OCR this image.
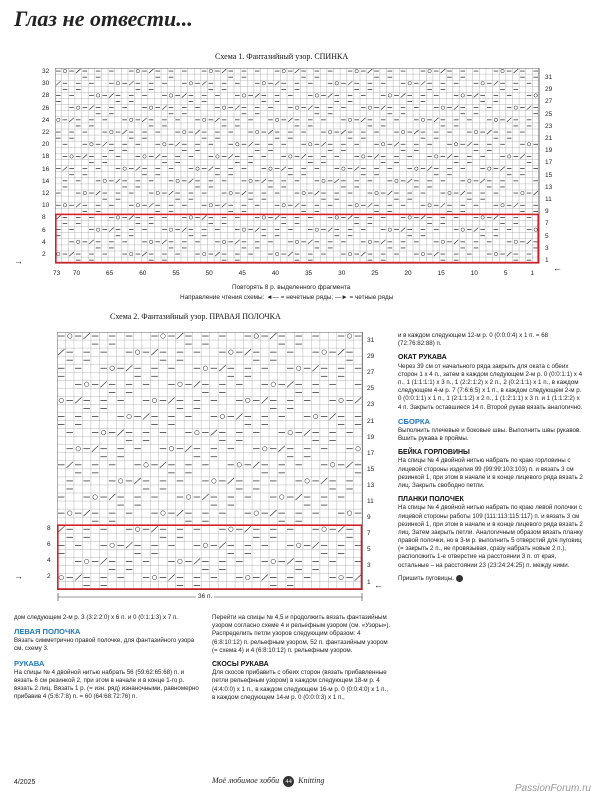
Глаз не отвести...
Схема 1. Фантазийный узор. СПИНКА
32
30
28
26
24
22
20
18
16
14
12
10
8
6
4
2
31
29
27
25
23
21
19
17
15
13
11
9
7
5
3
1
73 70	65	60	55	50	45	40	35	30	25	20	15	10	5	1
→
←
Повторять 8 р. выделенного фрагмента
Направление чтения схемы: ◄— = нечетные ряды; —► = четные ряды
Схема 2. Фантазийный узор. ПРАВАЯ ПОЛОЧКА
8
6
4
2
31
29
27
25
23
21
19
17
15
13
11
9
7
5
3
1
→
←
36 п.

дом следующем 2-м р. 3 (3:2:2:0) x 6 п. и 0 (0:1:1:3) x 7 п.

ЛЕВАЯ ПОЛОЧКА

Вязать симметрично правой полочке, для фантазийного узора см. схему 3.

РУКАВА

На спицы № 4 двойной нитью набрать 56 (59:62:65:68) п. и вязать 6 см резинкой 2, при этом в начале и в конце 1-го р. вязать 2 лиц. Вязать 1 р. (= изн. ряд) изнаночными, равномерно прибавив 4 (5:6:7:8) п. = 60 (64:68:72:76) п.

Перейти на спицы № 4,5 и продолжить вязать фантазийным узором согласно схеме 4 и рельефным узором (см. «Узоры»). Распределить петли узоров следующим образом: 4 (6:8:10:12) п. рельефным узором, 52 п. фантазийным узором (= схема 4) и 4 (6:8:10:12) п. рельефным узором.

СКОСЫ РУКАВА

Для скосов прибавить с обеих сторон (вязать прибавленные петли рельефным узором) в каждом следующем 18-м р. 4 (4:4:0:0) x 1 п., в каждом следующем 16-м р. 0 (0:0:4:0) x 1 п., в каждом следующем 14-м р. 0 (0:0:0:3) x 1 п.,

и в каждом следующем 12-м р. 0 (0:0:0:4) x 1 п. = 68 (72:76:82:88) п.

ОКАТ РУКАВА

Через 39 см от начального ряда закрыть для оката с обеих сторон 1 x 4 п., затем в каждом следующем 2-м р. 0 (0:0:1:1) x 4 п., 1 (1:1:1:1) x 3 п., 1 (2:2:1:2) x 2 п., 2 (0:2:1:1) x 1 п., в каждом следующем 4-м р. 7 (7:6:6:5) x 1 п., в каждом следующем 2-м р. 0 (0:0:1:1) x 1 п., 1 (2:1:1:2) x 2 п., 1 (1:2:1:1) x 3 п. и 1 (1:1:2:2) x 4 п. Закрыть оставшиеся 14 п. Второй рукав вязать аналогично.

СБОРКА

Выполнить плечевые и боковые швы. Выполнить швы рукавов. Вшить рукава в проймы.

БЕЙКА ГОРЛОВИНЫ

На спицы № 4 двойной нитью набрать по краю горловины с лицевой стороны изделия 99 (99:99:103:103) п. и вязать 3 см резинкой 1, при этом в начале и в конце лицевого ряда вязать 2 лиц. Закрыть свободно петли.

ПЛАНКИ ПОЛОЧЕК

На спицы № 4 двойной нитью набрать по краю левой полочки с лицевой стороны работы 109 (111:113:115:117) п. и вязать 3 см резинкой 1, при этом в начале и в конце лицевого ряда вязать 2 лиц. Затем закрыть петли. Аналогичным образом вязать планку правой полочки, но в 3-м р. выполнить 5 отверстий для пуговиц (= закрыть 2 п., не провязывая, сразу набрать новые 2 п.), расположить 1-е отверстие на расстоянии 3 п. от края, остальные – на расстоянии 23 (23:24:24:25) п. между ними.

Пришить пуговицы.

4/2025	Моё любимое хобби 44 Knitting
PassionForum.ru
